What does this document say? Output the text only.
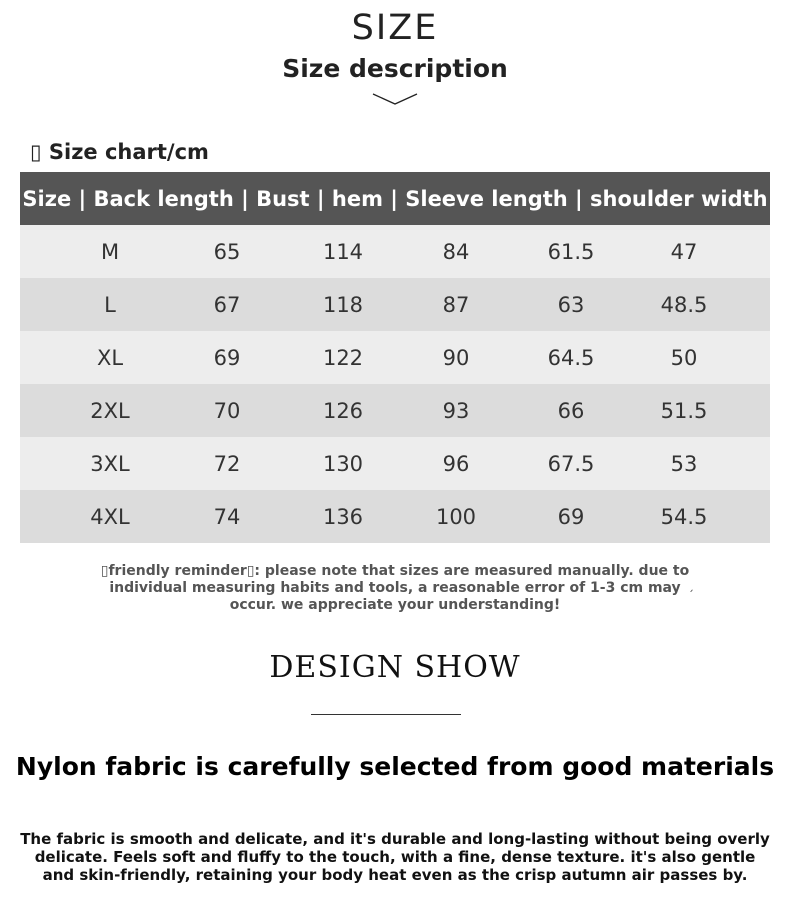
SIZE
Size description
▯ Size chart/cm
Size | Back length | Bust | hem | Sleeve length | shoulder width
M	65	114	84	61.5	47
L	67	118	87	63	48.5
XL	69	122	90	64.5	50
2XL	70	126	93	66	51.5
3XL	72	130	96	67.5	53
4XL	74	136	100	69	54.5
▯friendly reminder▯: please note that sizes are measured manually. due to individual measuring habits and tools, a reasonable error of 1-3 cm may occur. we appreciate your understanding!
ˏ
DESIGN SHOW
Nylon fabric is carefully selected from good materials
The fabric is smooth and delicate, and it's durable and long-lasting without being overly delicate. Feels soft and fluffy to the touch, with a fine, dense texture. it's also gentle and skin-friendly, retaining your body heat even as the crisp autumn air passes by.
